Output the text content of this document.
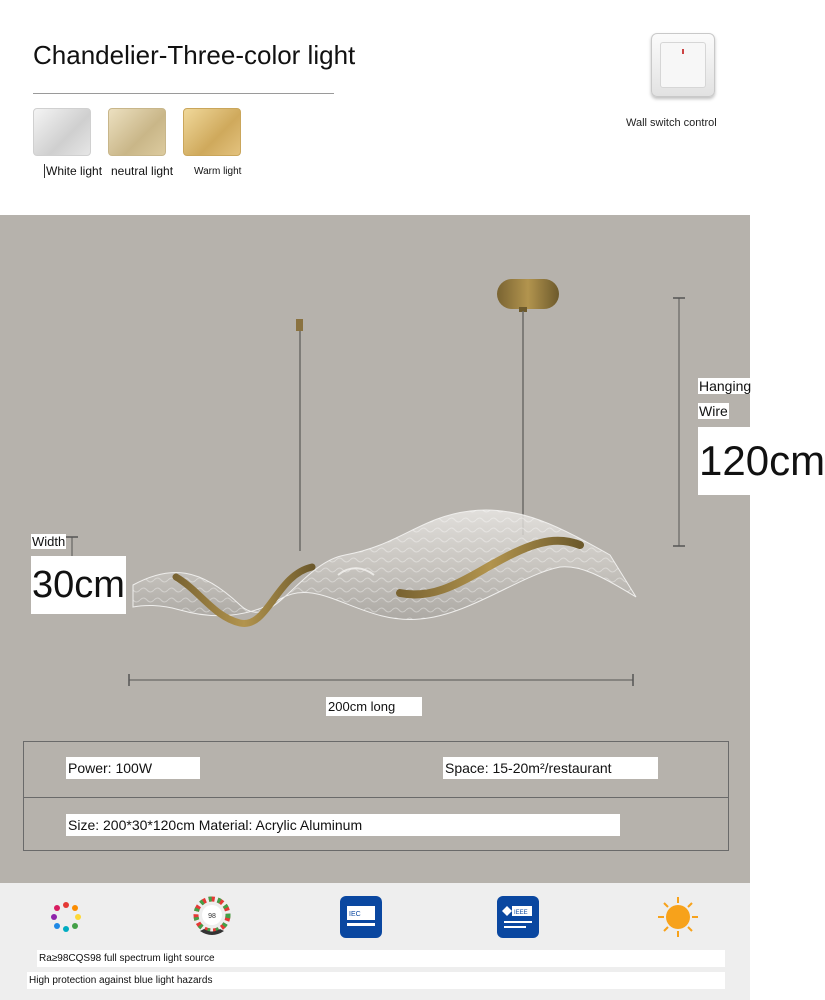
Chandelier-Three-color light
White light neutral light Warm light
Wall switch control
Power: 100W	Space: 15-20m²/restaurant
Size: 200*30*120cm Material: Acrylic Aluminum
Hanging
Wire
120cm
Width
30cm
200cm long
98	IEC	IEEE
Ra≥98CQS98 full spectrum light source
High protection against blue light hazards
